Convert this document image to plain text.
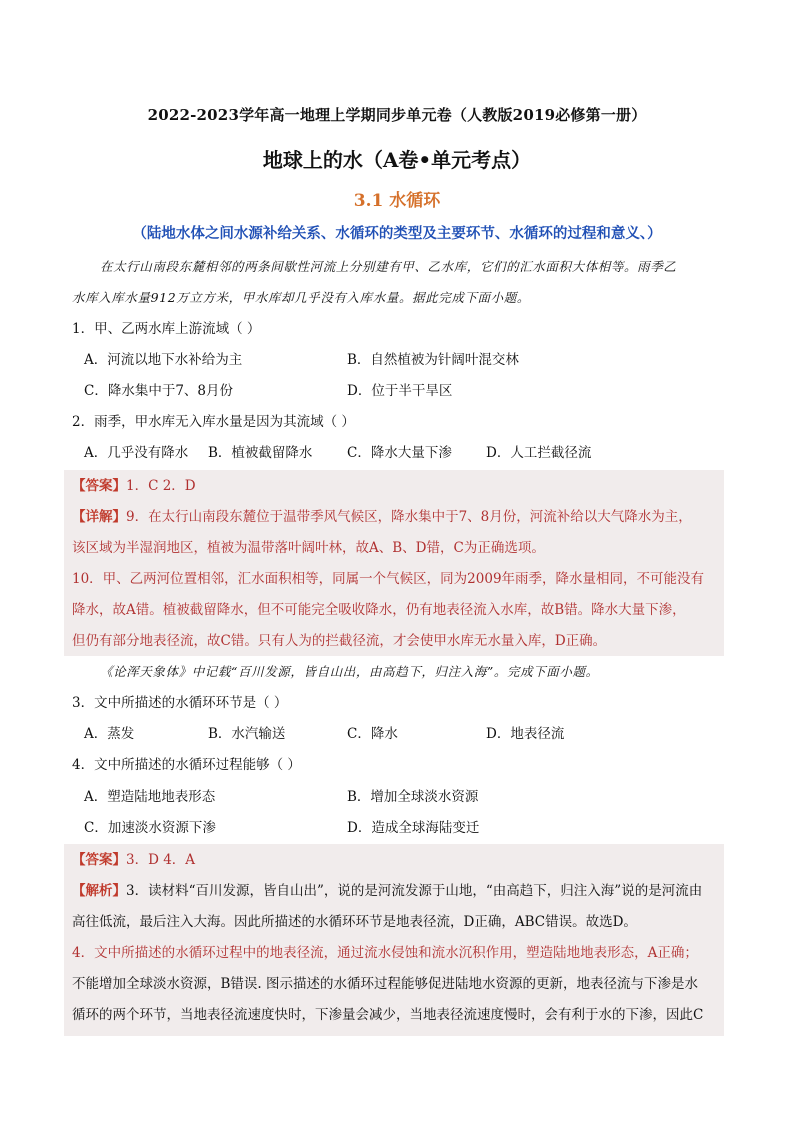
2022-2023学年高一地理上学期同步单元卷（人教版2019必修第一册）
地球上的水（A卷•单元考点）
3.1 水循环
（陆地水体之间水源补给关系、水循环的类型及主要环节、水循环的过程和意义、）
在太行山南段东麓相邻的两条间歇性河流上分别建有甲、乙水库，它们的汇水面积大体相等。雨季乙
水库入库水量912万立方米，甲水库却几乎没有入库水量。据此完成下面小题。
1．甲、乙两水库上游流域（ ）
A．河流以地下水补给为主	B．自然植被为针阔叶混交林
C．降水集中于7、8月份	D．位于半干旱区
2．雨季，甲水库无入库水量是因为其流域（ ）
A．几乎没有降水 B．植被截留降水	C．降水大量下渗	D．人工拦截径流
【答案】1．C 2．D
【详解】9．在太行山南段东麓位于温带季风气候区，降水集中于7、8月份，河流补给以大气降水为主，
该区域为半湿润地区，植被为温带落叶阔叶林，故A、B、D错，C为正确选项。
10．甲、乙两河位置相邻，汇水面积相等，同属一个气候区，同为2009年雨季，降水量相同，不可能没有
降水，故A错。植被截留降水，但不可能完全吸收降水，仍有地表径流入水库，故B错。降水大量下渗，
但仍有部分地表径流，故C错。只有人为的拦截径流，才会使甲水库无水量入库，D正确。
《论浑天象体》中记载“百川发源，皆自山出，由高趋下，归注入海”。完成下面小题。
3．文中所描述的水循环环节是（ ）
A．蒸发	B．水汽输送	C．降水	D．地表径流
4．文中所描述的水循环过程能够（ ）
A．塑造陆地地表形态	B．增加全球淡水资源
C．加速淡水资源下渗	D．造成全球海陆变迁
【答案】3．D 4．A
【解析】3．读材料“百川发源，皆自山出”，说的是河流发源于山地，“由高趋下，归注入海”说的是河流由
高往低流，最后注入大海。因此所描述的水循环环节是地表径流，D正确，ABC错误。故选D。
4．文中所描述的水循环过程中的地表径流，通过流水侵蚀和流水沉积作用，塑造陆地地表形态，A正确；
不能增加全球淡水资源，B错误. 图示描述的水循环过程能够促进陆地水资源的更新，地表径流与下渗是水
循环的两个环节，当地表径流速度快时，下渗量会减少，当地表径流速度慢时，会有利于水的下渗，因此C
